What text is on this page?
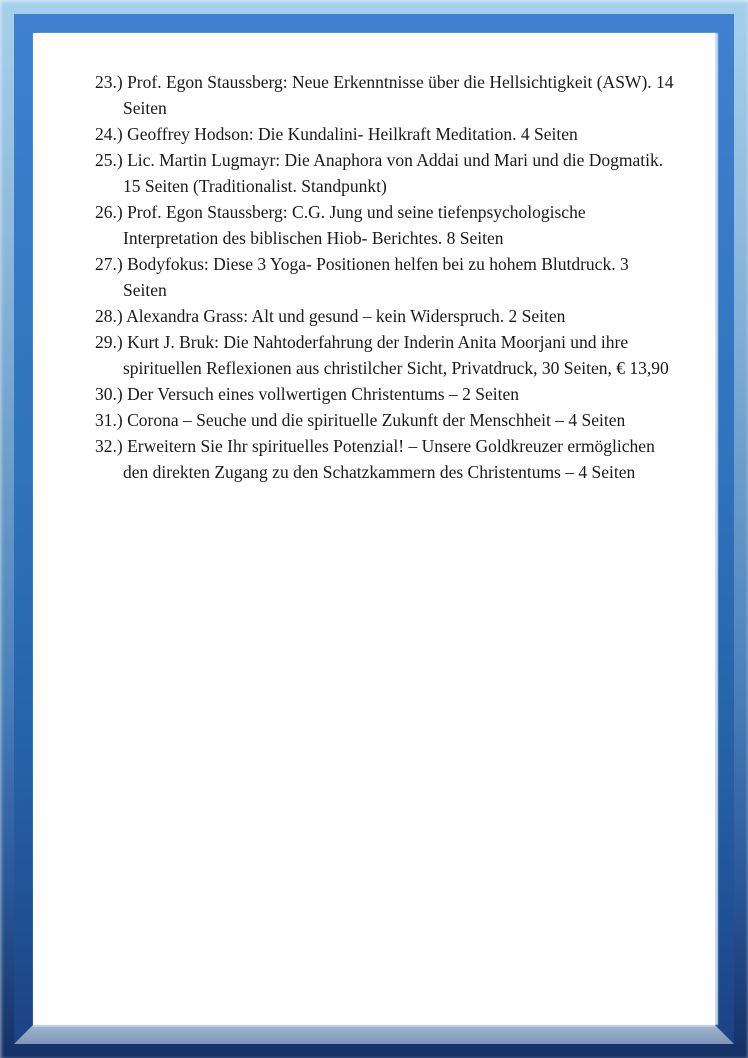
23.) Prof. Egon Staussberg: Neue Erkenntnisse über die Hellsichtigkeit (ASW). 14
Seiten
24.) Geoffrey Hodson: Die Kundalini- Heilkraft Meditation. 4 Seiten
25.) Lic. Martin Lugmayr: Die Anaphora von Addai und Mari und die Dogmatik.
15 Seiten (Traditionalist. Standpunkt)
26.) Prof. Egon Staussberg: C.G. Jung und seine tiefenpsychologische
Interpretation des biblischen Hiob- Berichtes. 8 Seiten
27.) Bodyfokus: Diese 3 Yoga- Positionen helfen bei zu hohem Blutdruck. 3
Seiten
28.) Alexandra Grass: Alt und gesund – kein Widerspruch. 2 Seiten
29.) Kurt J. Bruk: Die Nahtoderfahrung der Inderin Anita Moorjani und ihre
spirituellen Reflexionen aus christilcher Sicht, Privatdruck, 30 Seiten, € 13,90
30.) Der Versuch eines vollwertigen Christentums – 2 Seiten
31.) Corona – Seuche und die spirituelle Zukunft der Menschheit – 4 Seiten
32.) Erweitern Sie Ihr spirituelles Potenzial! – Unsere Goldkreuzer ermöglichen
den direkten Zugang zu den Schatzkammern des Christentums – 4 Seiten
